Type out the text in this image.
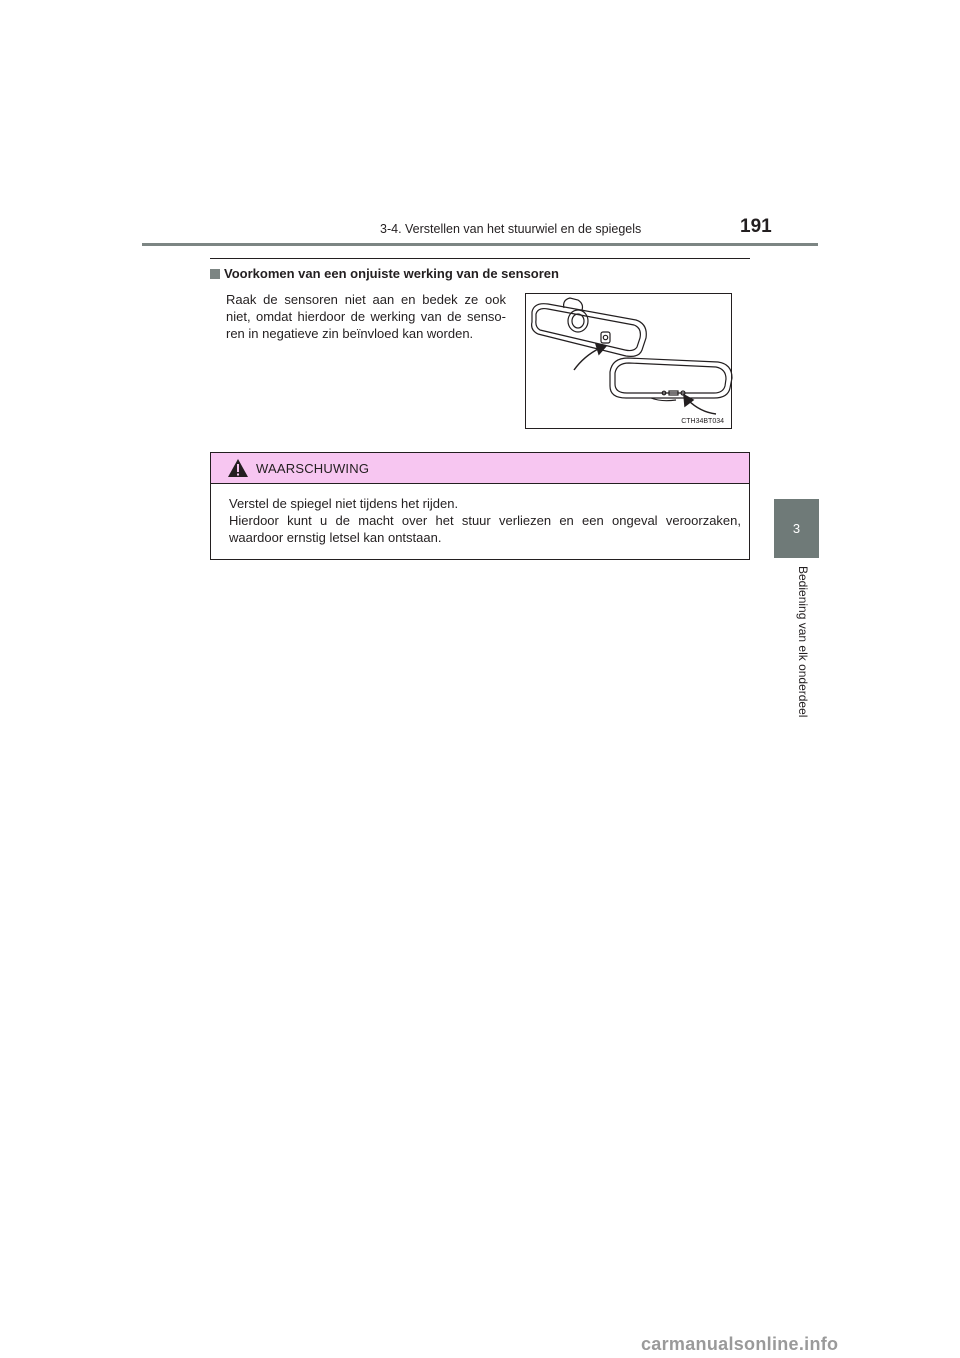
3-4. Verstellen van het stuurwiel en de spiegels	191
3
Bediening van elk onderdeel
Voorkomen van een onjuiste werking van de sensoren
Raak de sensoren niet aan en bedek ze ook niet, omdat hierdoor de werking van de senso-ren in negatieve zin beïnvloed kan worden.
CTH34BT034
WAARSCHUWING

Verstel de spiegel niet tijdens het rijden.

Hierdoor kunt u de macht over het stuur verliezen en een ongeval veroorzaken, waardoor ernstig letsel kan ontstaan.

carmanualsonline.info
